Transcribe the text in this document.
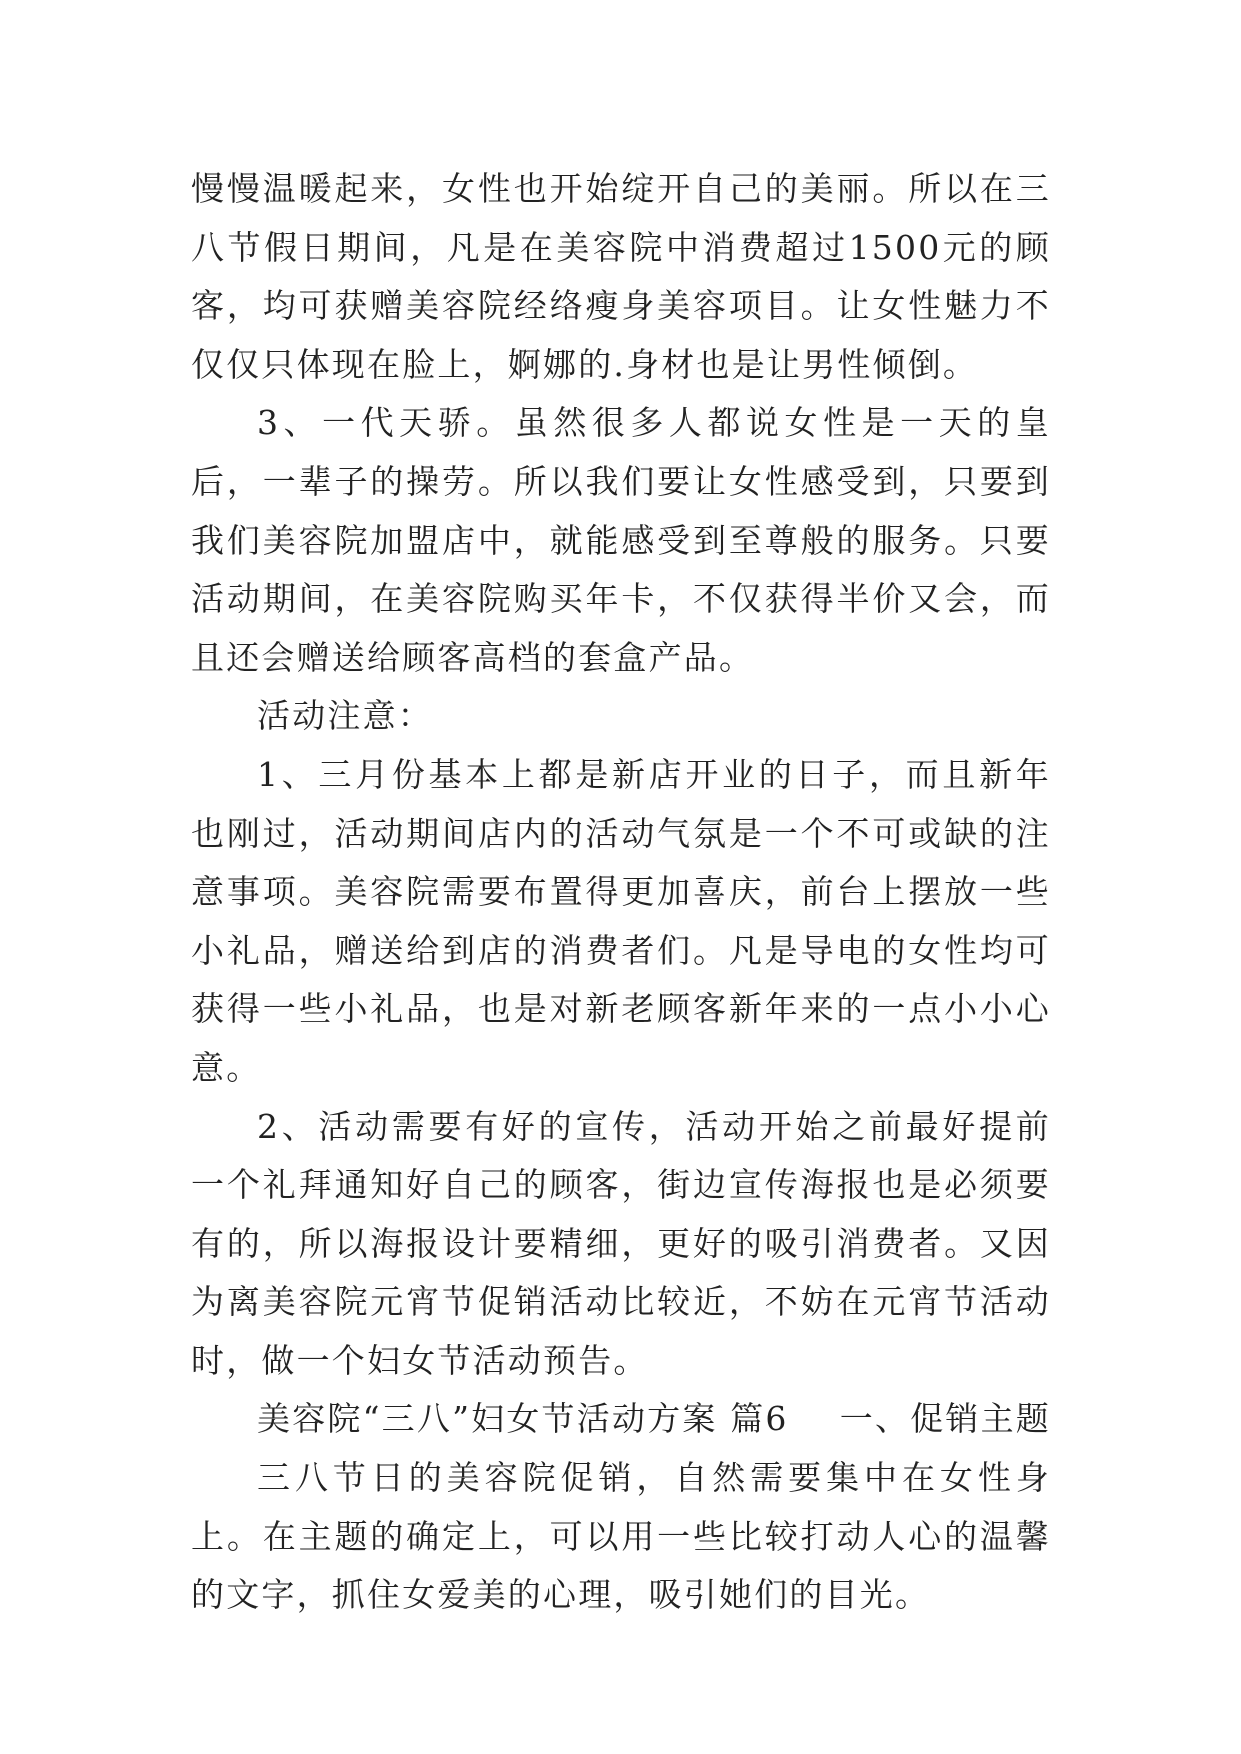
慢慢温暖起来，女性也开始绽开自己的美丽。所以在三八节假日期间，凡是在美容院中消费超过1500元的顾客，均可获赠美容院经络瘦身美容项目。让女性魅力不仅仅只体现在脸上，婀娜的.身材也是让男性倾倒。

3、一代天骄。虽然很多人都说女性是一天的皇后，一辈子的操劳。所以我们要让女性感受到，只要到我们美容院加盟店中，就能感受到至尊般的服务。只要活动期间，在美容院购买年卡，不仅获得半价又会，而且还会赠送给顾客高档的套盒产品。

活动注意：

1、三月份基本上都是新店开业的日子，而且新年也刚过，活动期间店内的活动气氛是一个不可或缺的注意事项。美容院需要布置得更加喜庆，前台上摆放一些小礼品，赠送给到店的消费者们。凡是导电的女性均可获得一些小礼品，也是对新老顾客新年来的一点小小心意。

2、活动需要有好的宣传，活动开始之前最好提前一个礼拜通知好自己的顾客，街边宣传海报也是必须要有的，所以海报设计要精细，更好的吸引消费者。又因为离美容院元宵节促销活动比较近，不妨在元宵节活动时，做一个妇女节活动预告。

美容院“三八”妇女节活动方案 篇6 一、促销主题

三八节日的美容院促销，自然需要集中在女性身上。在主题的确定上，可以用一些比较打动人心的温馨的文字，抓住女爱美的心理，吸引她们的目光。
